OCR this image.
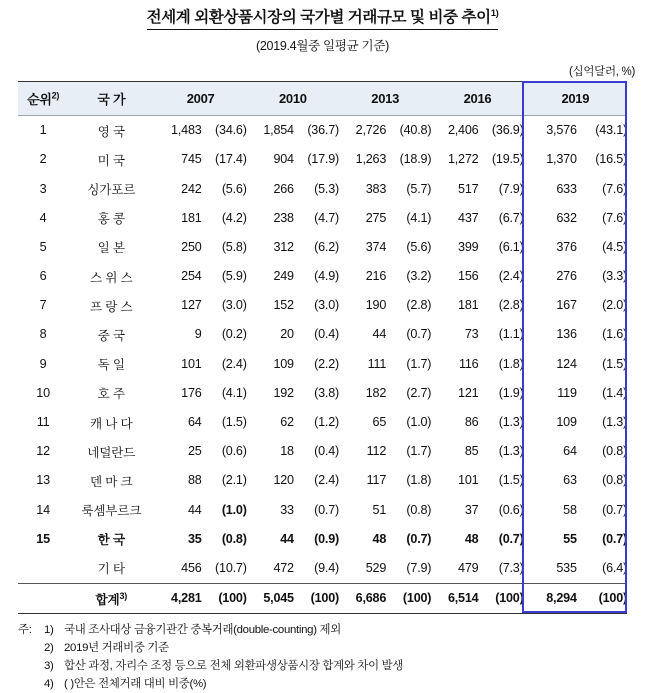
전세계 외환상품시장의 국가별 거래규모 및 비중 추이$^{1)}$
(2019.4월중 일평균 기준)
(십억달러, %)
순위$^{2)}$	국 가	2007		2010		2013		2016		2019	
1	영 국	1,483	(34.6)	1,854	(36.7)	2,726	(40.8)	2,406	(36.9)	3,576	(43.1)
2	미 국	745	(17.4)	904	(17.9)	1,263	(18.9)	1,272	(19.5)	1,370	(16.5)
3	싱가포르	242	(5.6)	266	(5.3)	383	(5.7)	517	(7.9)	633	(7.6)
4	홍 콩	181	(4.2)	238	(4.7)	275	(4.1)	437	(6.7)	632	(7.6)
5	일 본	250	(5.8)	312	(6.2)	374	(5.6)	399	(6.1)	376	(4.5)
6	스 위 스	254	(5.9)	249	(4.9)	216	(3.2)	156	(2.4)	276	(3.3)
7	프 랑 스	127	(3.0)	152	(3.0)	190	(2.8)	181	(2.8)	167	(2.0)
8	중 국	9	(0.2)	20	(0.4)	44	(0.7)	73	(1.1)	136	(1.6)
9	독 일	101	(2.4)	109	(2.2)	111	(1.7)	116	(1.8)	124	(1.5)
10	호 주	176	(4.1)	192	(3.8)	182	(2.7)	121	(1.9)	119	(1.4)
11	캐 나 다	64	(1.5)	62	(1.2)	65	(1.0)	86	(1.3)	109	(1.3)
12	네덜란드	25	(0.6)	18	(0.4)	112	(1.7)	85	(1.3)	64	(0.8)
13	덴 마 크	88	(2.1)	120	(2.4)	117	(1.8)	101	(1.5)	63	(0.8)
14	룩셈부르크	44	(1.0)	33	(0.7)	51	(0.8)	37	(0.6)	58	(0.7)
15	한 국	35	(0.8)	44	(0.9)	48	(0.7)	48	(0.7)	55	(0.7)
	기 타	456	(10.7)	472	(9.4)	529	(7.9)	479	(7.3)	535	(6.4)
	합계$^{3)}$	4,281	(100)	5,045	(100)	6,686	(100)	6,514	(100)	8,294	(100)
주:	1) 국내 조사대상 금융기관간 중복거래(double-counting) 제외
2) 2019년 거래비중 기준
3) 합산 과정, 자리수 조정 등으로 전체 외환파생상품시장 합계와 차이 발생
4) ( )안은 전체거래 대비 비중(%)
